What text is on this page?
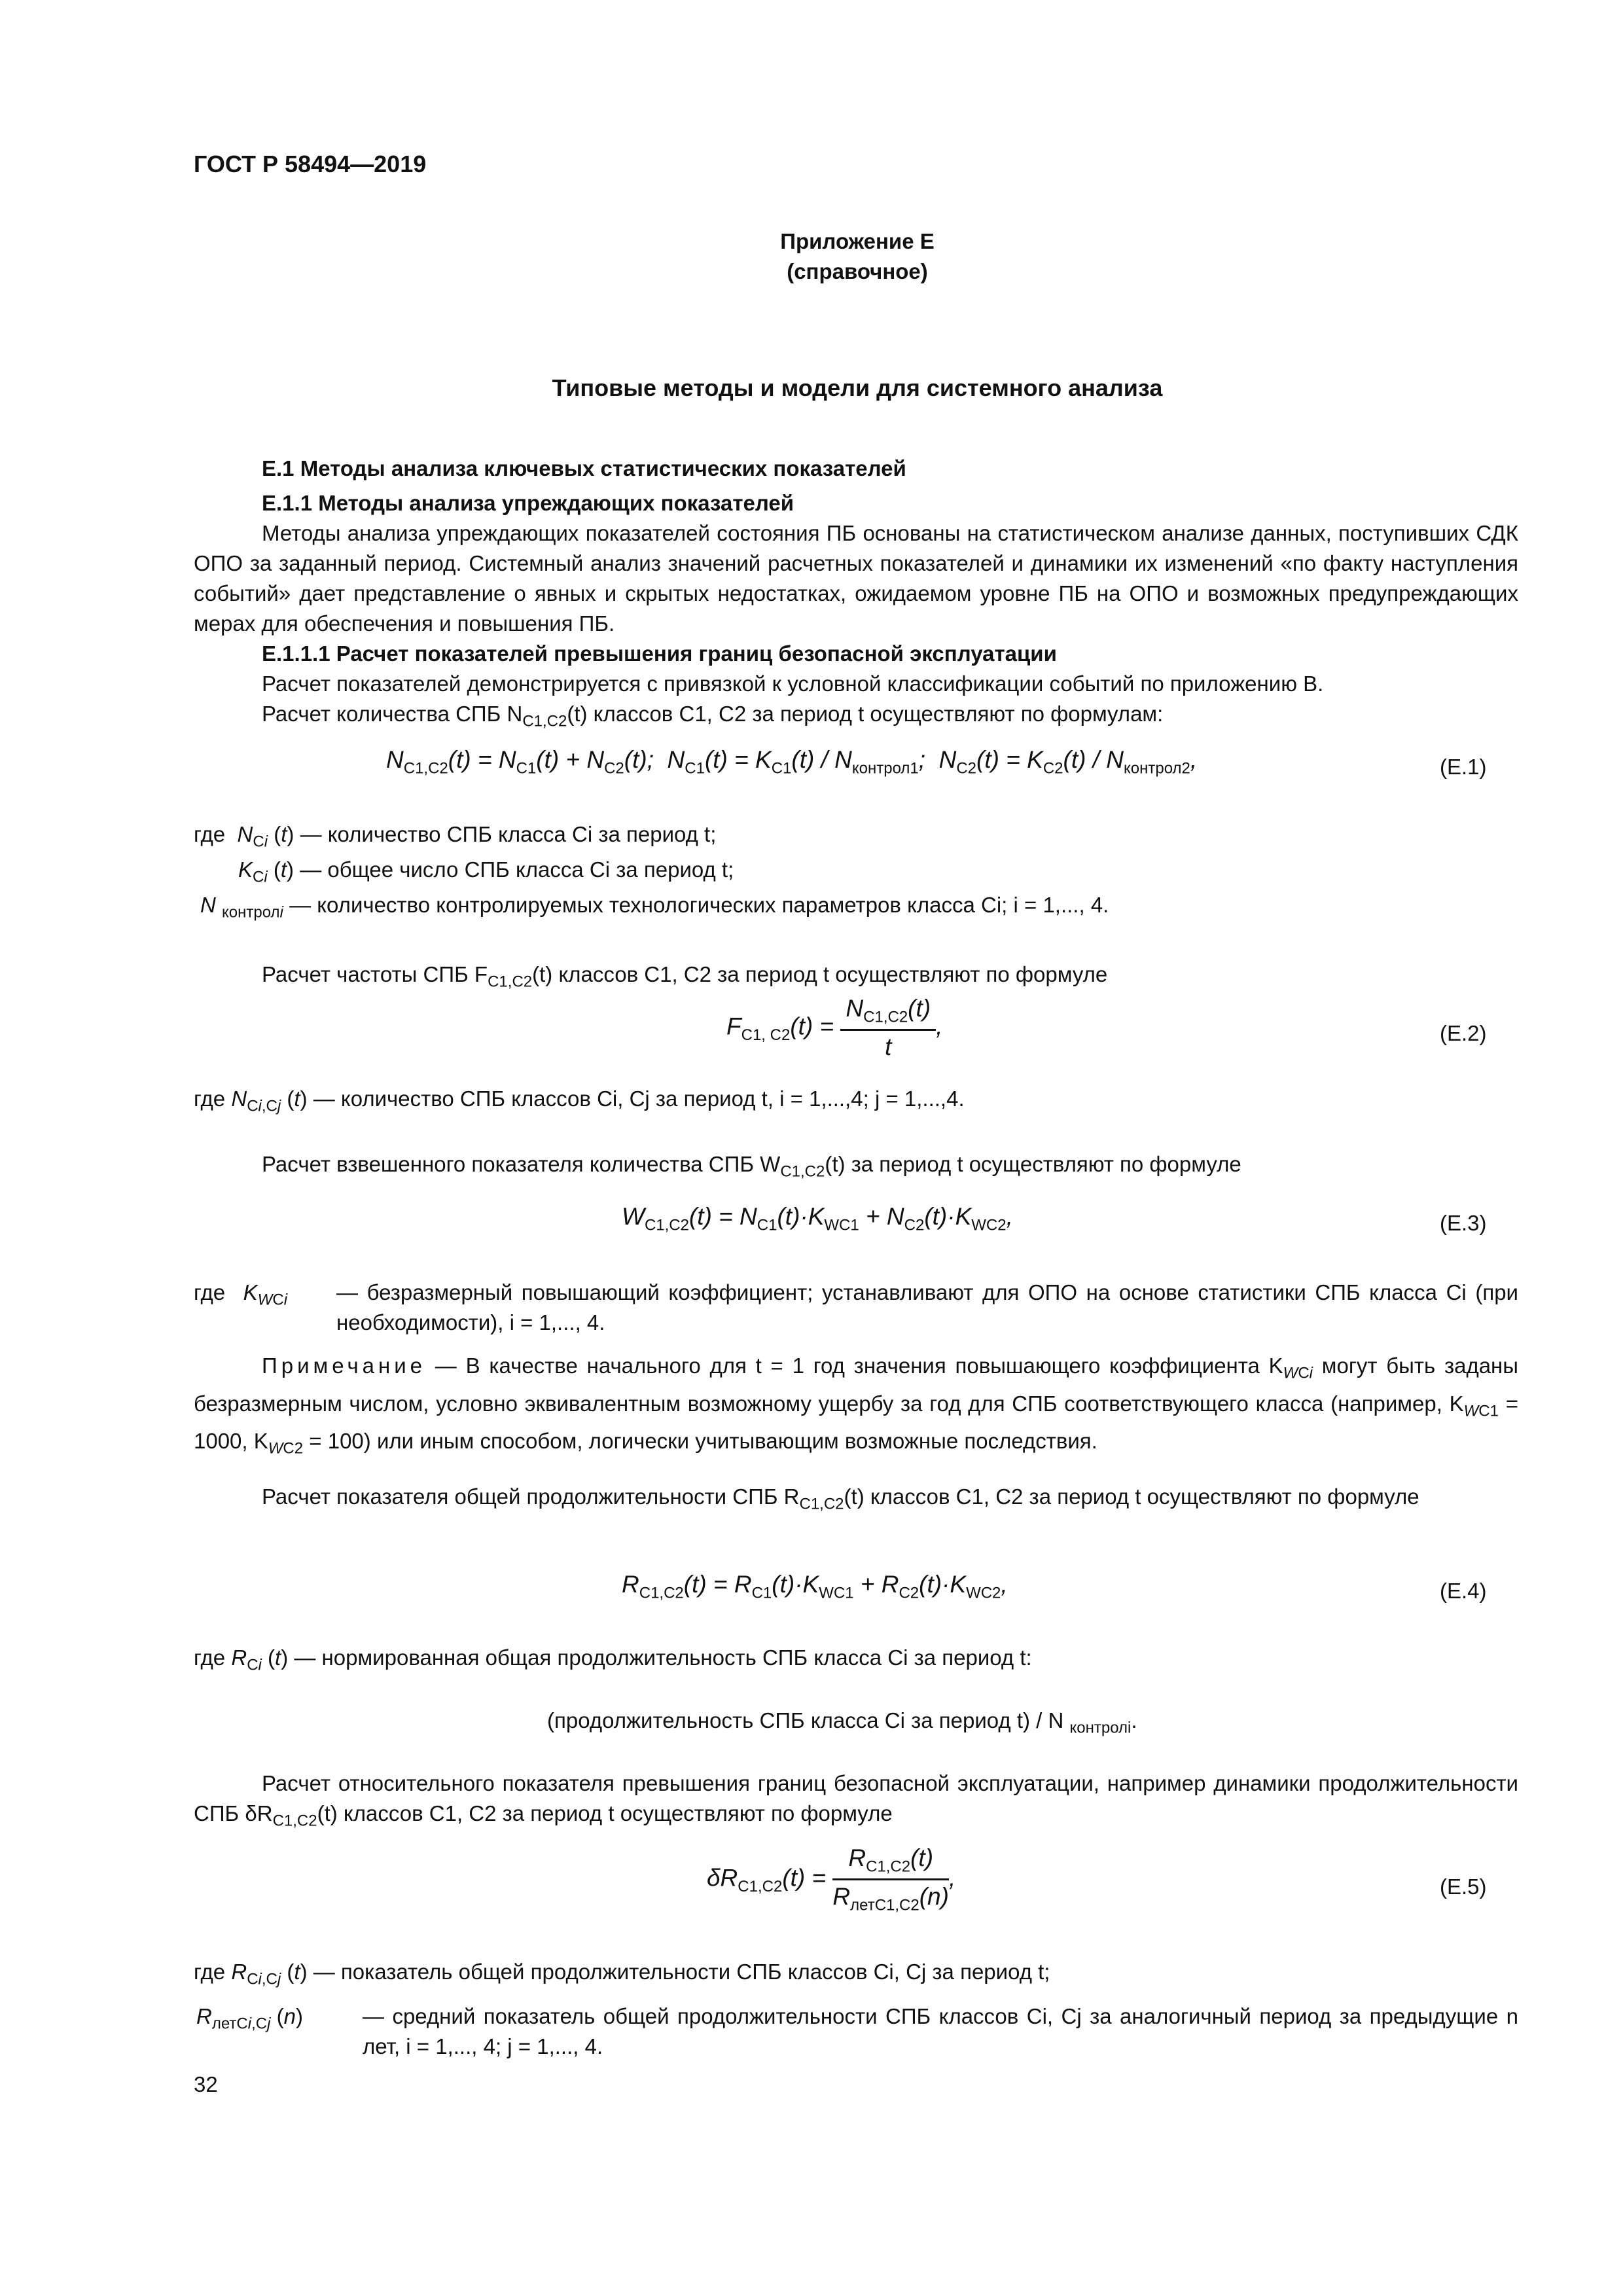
ГОСТ Р 58494—2019
Приложение Е
(справочное)
Типовые методы и модели для системного анализа
Е.1 Методы анализа ключевых статистических показателей
Е.1.1 Методы анализа упреждающих показателей
Методы анализа упреждающих показателей состояния ПБ основаны на статистическом анализе данных, поступивших СДК ОПО за заданный период. Системный анализ значений расчетных показателей и динамики их изменений «по факту наступления событий» дает представление о явных и скрытых недостатках, ожидаемом уровне ПБ на ОПО и возможных предупреждающих мерах для обеспечения и повышения ПБ.
Е.1.1.1 Расчет показателей превышения границ безопасной эксплуатации
Расчет показателей демонстрируется с привязкой к условной классификации событий по приложению В.
Расчет количества СПБ $N_{C1,C2}(t)$ классов С1, С2 за период t осуществляют по формулам:
$N_{C1,C2}(t) = N_{C1}(t) + N_{C2}(t)$;  $N_{C1}(t) = K_{C1}(t) / N_{контрол1}$;  $N_{C2}(t) = K_{C2}(t) / N_{контрол2}$,	(Е.1)
где $N_{Ci}$ (t) — количество СПБ класса Сi за период t;
$K_{Ci}$ (t) — общее число СПБ класса Сi за период t;
N $_{контролi}$ — количество контролируемых технологических параметров класса Сi; i = 1,..., 4.
Расчет частоты СПБ $F_{C1,C2}(t)$ классов С1, С2 за период t осуществляют по формуле
$F_{C1, C2}(t) = \frac{N_{C1,C2}(t)}{t}$ ,	(Е.2)
где $N_{Ci,Cj}$ (t) — количество СПБ классов Сi, Cj за период t, i = 1,...,4; j = 1,...,4.
Расчет взвешенного показателя количества СПБ $W_{C1,C2}(t)$ за период t осуществляют по формуле
$W_{C1,C2}(t) = N_{C1}(t)\cdot K_{WC1} + N_{C2}(t)\cdot K_{WC2}$,	(Е.3)
где   $K_{WCi}$ — безразмерный повышающий коэффициент; устанавливают для ОПО на основе статистики СПБ класса Сi (при необходимости), i = 1,..., 4.
Примечание — В качестве начального для t = 1 год значения повышающего коэффициента $K_{WCi}$ могут быть заданы безразмерным числом, условно эквивалентным возможному ущербу за год для СПБ соответствующего класса (например, $K_{WC1} = 1000$, $K_{WC2} = 100$) или иным способом, логически учитывающим возможные последствия.
Расчет показателя общей продолжительности СПБ $R_{C1,C2}(t)$ классов С1, С2 за период t осуществляют по формуле
$R_{C1,C2}(t) = R_{C1}(t)\cdot K_{WC1} + R_{C2}(t)\cdot K_{WC2}$,	(Е.4)
где $R_{Ci}$ (t) — нормированная общая продолжительность СПБ класса Сi за период t:
(продолжительность СПБ класса Сi за период t) / N $_{контролi}$.
Расчет относительного показателя превышения границ безопасной эксплуатации, например динамики продолжительности СПБ $\delta R_{C1,C2}(t)$ классов С1, С2 за период t осуществляют по формуле
$\delta R_{C1,C2}(t) = \frac{R_{C1,C2}(t)}{R_{летC1,C2}(n)}$ ,	(Е.5)
где $R_{Ci,Cj}$ (t) — показатель общей продолжительности СПБ классов Сi, Cj за период t;
$R_{летCi,Cj}$ (n)	— средний показатель общей продолжительности СПБ классов Сi, Cj за аналогичный период за предыдущие n лет, i = 1,..., 4; j = 1,..., 4.
32
